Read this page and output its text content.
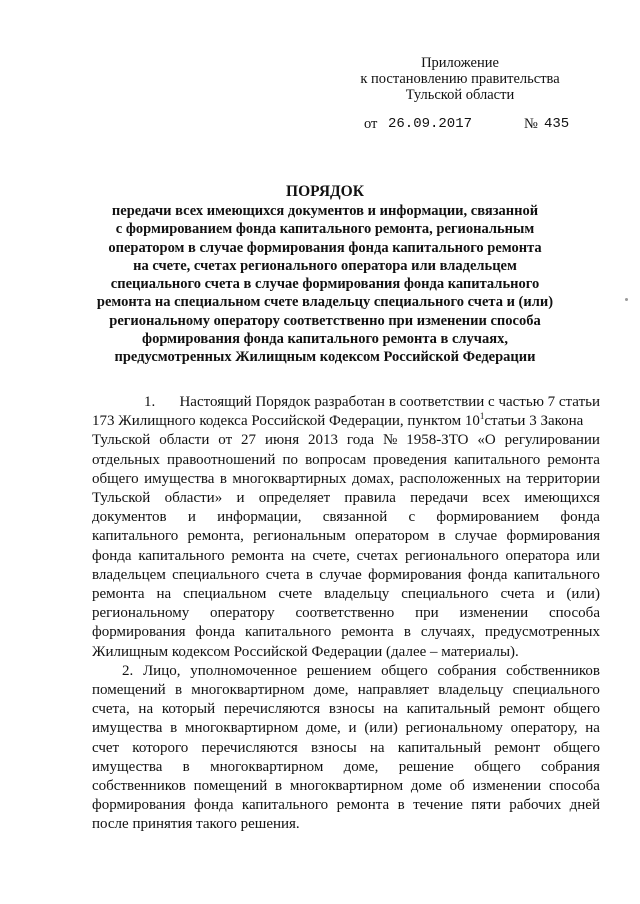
Приложение
к постановлению правительства
Тульской области
от 26.09.2017	№ 435
ПОРЯДОК
передачи всех имеющихся документов и информации, связанной
с формированием фонда капитального ремонта, региональным
оператором в случае формирования фонда капитального ремонта
на счете, счетах регионального оператора или владельцем
специального счета в случае формирования фонда капитального
ремонта на специальном счете владельцу специального счета и (или)
региональному оператору соответственно при изменении способа
формирования фонда капитального ремонта в случаях,
предусмотренных Жилищным кодексом Российской Федерации
1. Настоящий Порядок разработан в соответствии с частью 7 статьи
173 Жилищного кодекса Российской Федерации, пунктом $10^1статьи$ 3 Закона
Тульской области от 27 июня 2013 года № 1958-ЗТО «О регулировании
отдельных правоотношений по вопросам проведения капитального ремонта
общего имущества в многоквартирных домах, расположенных на территории
Тульской области» и определяет правила передачи всех имеющихся
документов и информации, связанной с формированием фонда
капитального ремонта, региональным оператором в случае формирования
фонда капитального ремонта на счете, счетах регионального оператора или
владельцем специального счета в случае формирования фонда капитального
ремонта на специальном счете владельцу специального счета и (или)
региональному оператору соответственно при изменении способа
формирования фонда капитального ремонта в случаях, предусмотренных
Жилищным кодексом Российской Федерации (далее – материалы).
2. Лицо, уполномоченное решением общего собрания собственников
помещений в многоквартирном доме, направляет владельцу специального
счета, на который перечисляются взносы на капитальный ремонт общего
имущества в многоквартирном доме, и (или) региональному оператору, на
счет которого перечисляются взносы на капитальный ремонт общего
имущества в многоквартирном доме, решение общего собрания
собственников помещений в многоквартирном доме об изменении способа
формирования фонда капитального ремонта в течение пяти рабочих дней
после принятия такого решения.
